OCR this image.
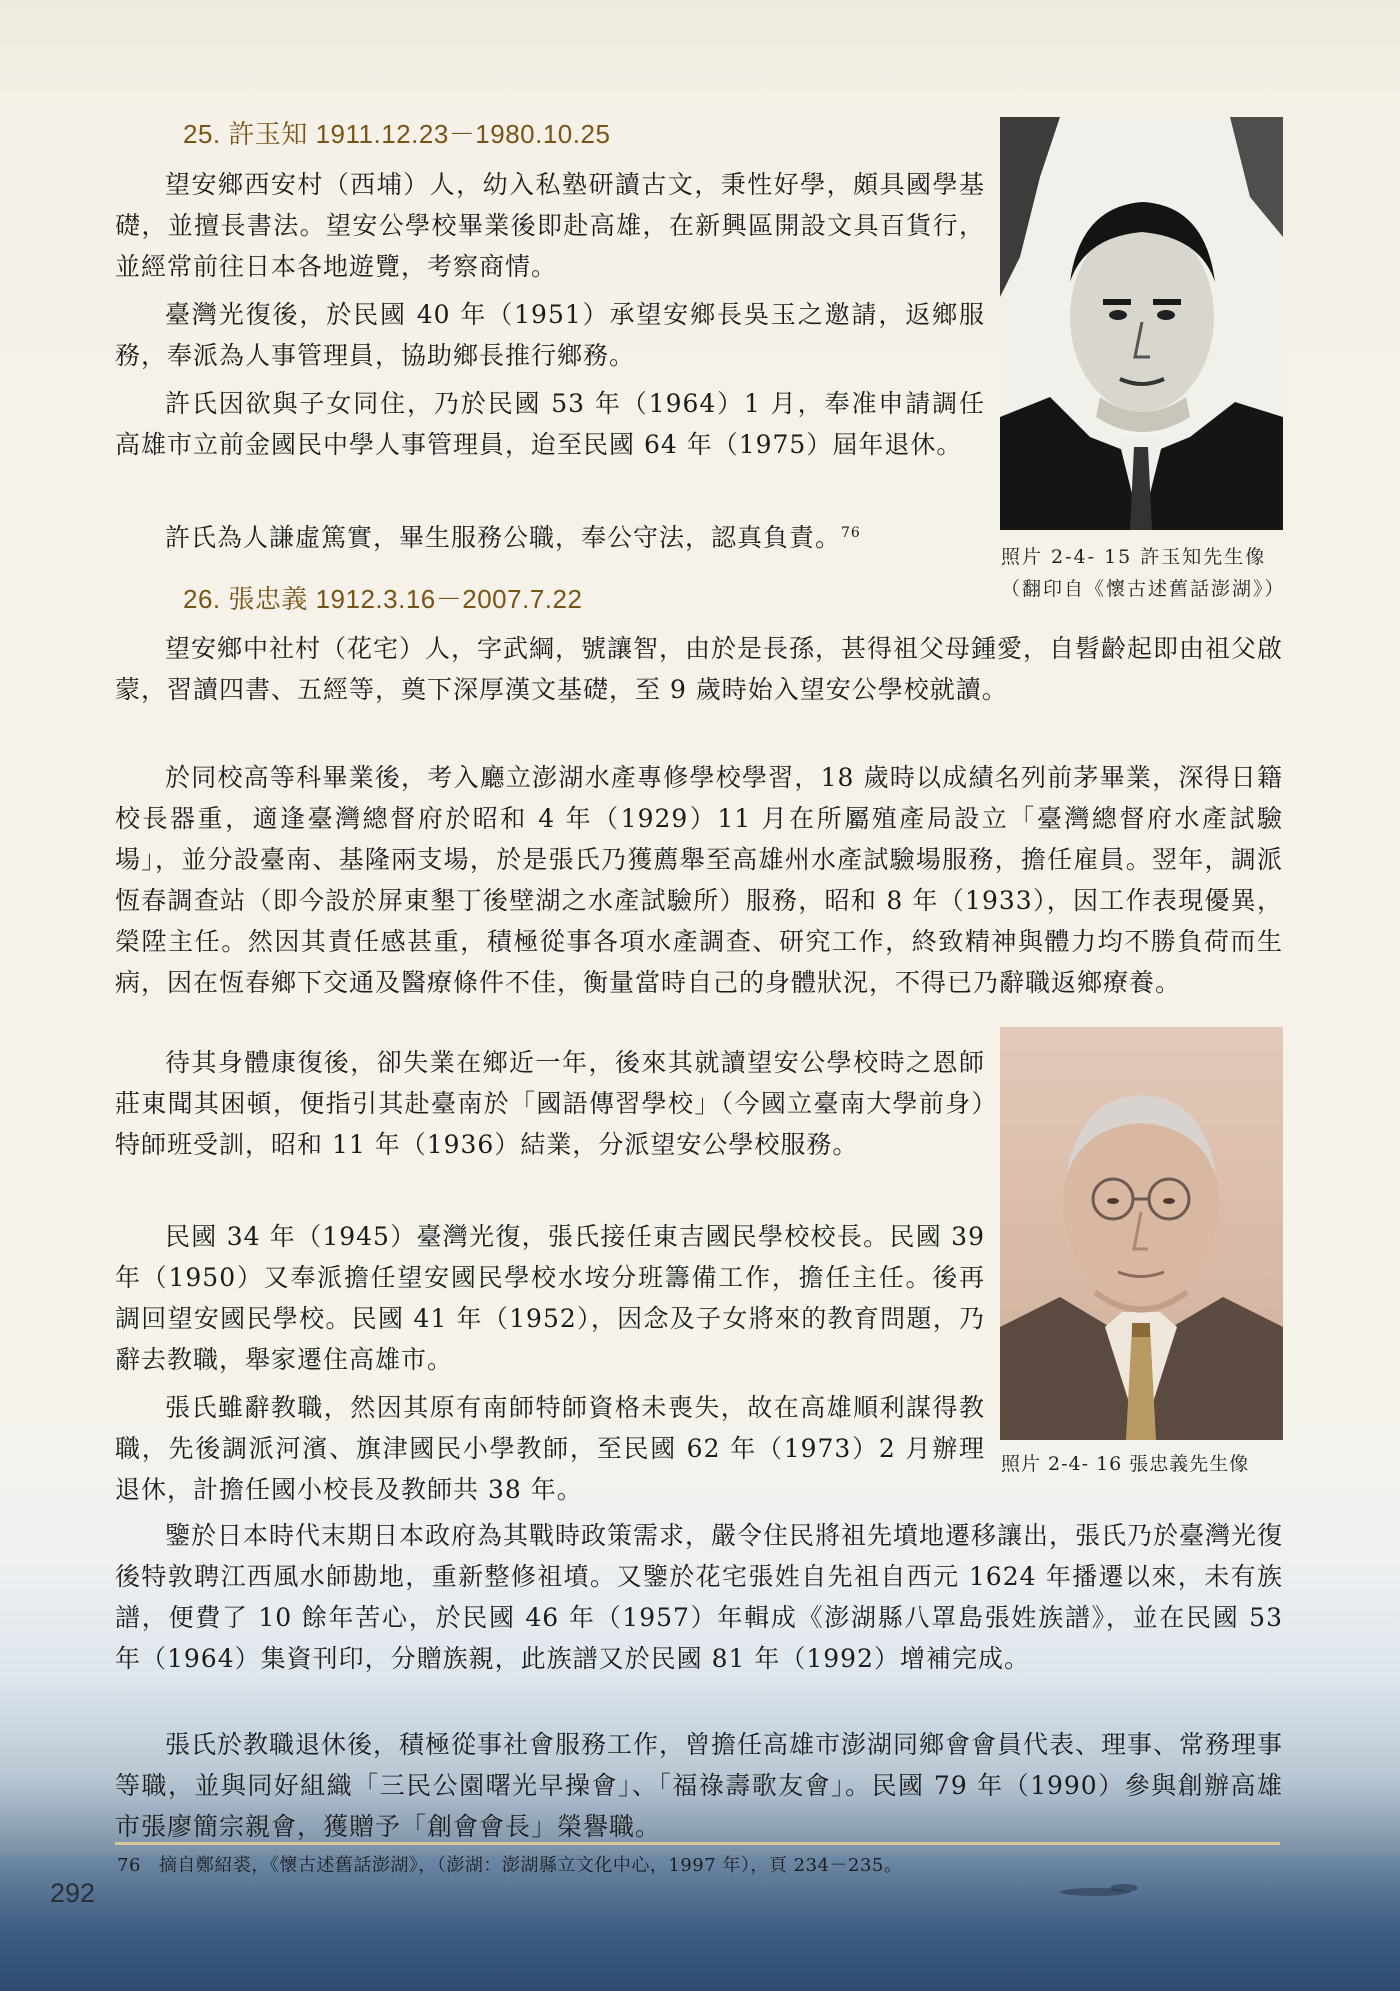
25. 許玉知 1911.12.23－1980.10.25

望安鄉西安村（西埔）人，幼入私塾研讀古文，秉性好學，頗具國學基礎，並擅長書法。望安公學校畢業後即赴高雄，在新興區開設文具百貨行，並經常前往日本各地遊覽，考察商情。

臺灣光復後，於民國 40 年（1951）承望安鄉長吳玉之邀請，返鄉服務，奉派為人事管理員，協助鄉長推行鄉務。

許氏因欲與子女同住，乃於民國 53 年（1964）1 月，奉准申請調任高雄市立前金國民中學人事管理員，迨至民國 64 年（1975）屆年退休。

許氏為人謙虛篤實，畢生服務公職，奉公守法，認真負責。$^{76}$

照片 2-4- 15 許玉知先生像（翻印自《懷古述舊話澎湖》）

26. 張忠義 1912.3.16－2007.7.22

望安鄉中社村（花宅）人，字武綱，號讓智，由於是長孫，甚得祖父母鍾愛，自髫齡起即由祖父啟蒙，習讀四書、五經等，奠下深厚漢文基礎，至 9 歲時始入望安公學校就讀。

於同校高等科畢業後，考入廳立澎湖水產專修學校學習，18 歲時以成績名列前茅畢業，深得日籍校長器重，適逢臺灣總督府於昭和 4 年（1929）11 月在所屬殖產局設立「臺灣總督府水產試驗場」，並分設臺南、基隆兩支場，於是張氏乃獲薦舉至高雄州水產試驗場服務，擔任雇員。翌年，調派恆春調查站（即今設於屏東墾丁後壁湖之水產試驗所）服務，昭和 8 年（1933），因工作表現優異，榮陞主任。然因其責任感甚重，積極從事各項水產調查、研究工作，終致精神與體力均不勝負荷而生病，因在恆春鄉下交通及醫療條件不佳，衡量當時自己的身體狀況，不得已乃辭職返鄉療養。

待其身體康復後，卻失業在鄉近一年，後來其就讀望安公學校時之恩師莊東聞其困頓，便指引其赴臺南於「國語傳習學校」（今國立臺南大學前身）特師班受訓，昭和 11 年（1936）結業，分派望安公學校服務。

民國 34 年（1945）臺灣光復，張氏接任東吉國民學校校長。民國 39 年（1950）又奉派擔任望安國民學校水垵分班籌備工作，擔任主任。後再調回望安國民學校。民國 41 年（1952），因念及子女將來的教育問題，乃辭去教職，舉家遷住高雄市。

張氏雖辭教職，然因其原有南師特師資格未喪失，故在高雄順利謀得教職，先後調派河濱、旗津國民小學教師，至民國 62 年（1973）2 月辦理退休，計擔任國小校長及教師共 38 年。

鑒於日本時代末期日本政府為其戰時政策需求，嚴令住民將祖先墳地遷移讓出，張氏乃於臺灣光復後特敦聘江西風水師勘地，重新整修祖墳。又鑒於花宅張姓自先祖自西元 1624 年播遷以來，未有族譜，便費了 10 餘年苦心，於民國 46 年（1957）年輯成《澎湖縣八罩島張姓族譜》，並在民國 53 年（1964）集資刊印，分贈族親，此族譜又於民國 81 年（1992）增補完成。

張氏於教職退休後，積極從事社會服務工作，曾擔任高雄市澎湖同鄉會會員代表、理事、常務理事等職，並與同好組織「三民公園曙光早操會」、「福祿壽歌友會」。民國 79 年（1990）參與創辦高雄市張廖簡宗親會，獲贈予「創會會長」榮譽職。

照片 2-4- 16 張忠義先生像

76 摘自鄭紹裘，《懷古述舊話澎湖》，（澎湖：澎湖縣立文化中心，1997 年），頁 234－235。

292
